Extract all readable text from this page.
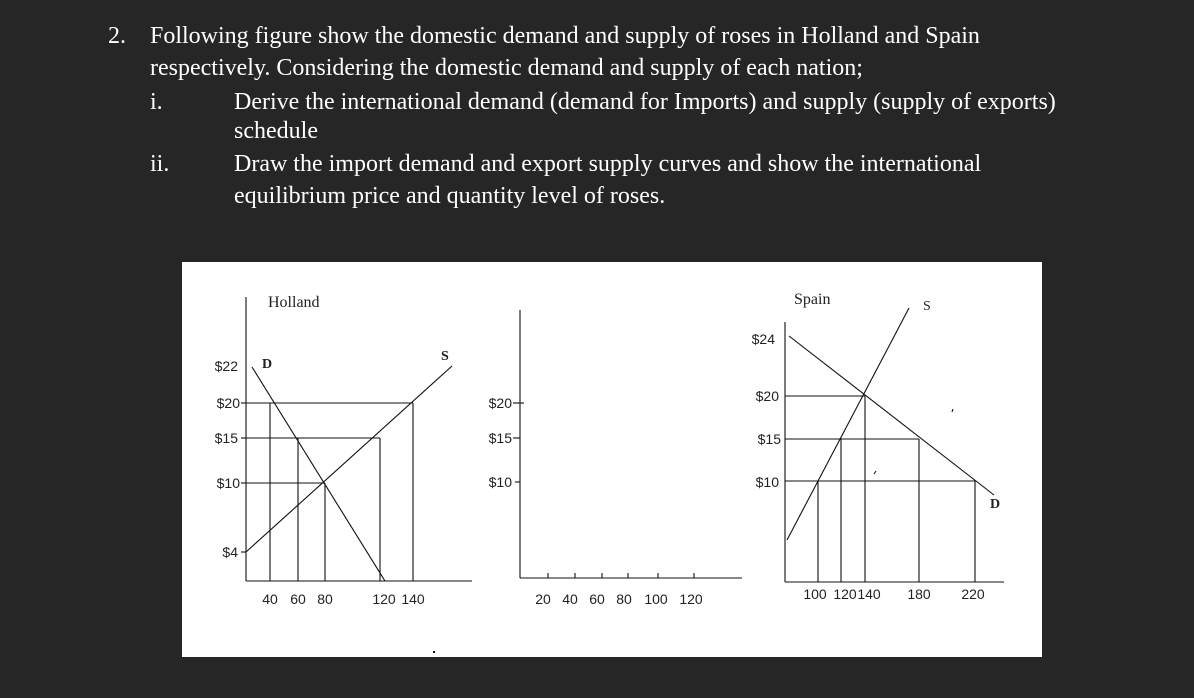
2. Following figure show the domestic demand and supply of roses in Holland and Spain
respectively. Considering the domestic demand and supply of each nation;
i.	Derive the international demand (demand for Imports) and supply (supply of exports)
schedule
ii.	Draw the import demand and export supply curves and show the international
equilibrium price and quantity level of roses.
Holland
$22
$20
$15
$10
$4
40 60 80	120 140
D
S
$20
$15
$10
20 40 60 80 100 120
Spain
$24
$20
$15
$10
D
S
100 120 140 180 220
